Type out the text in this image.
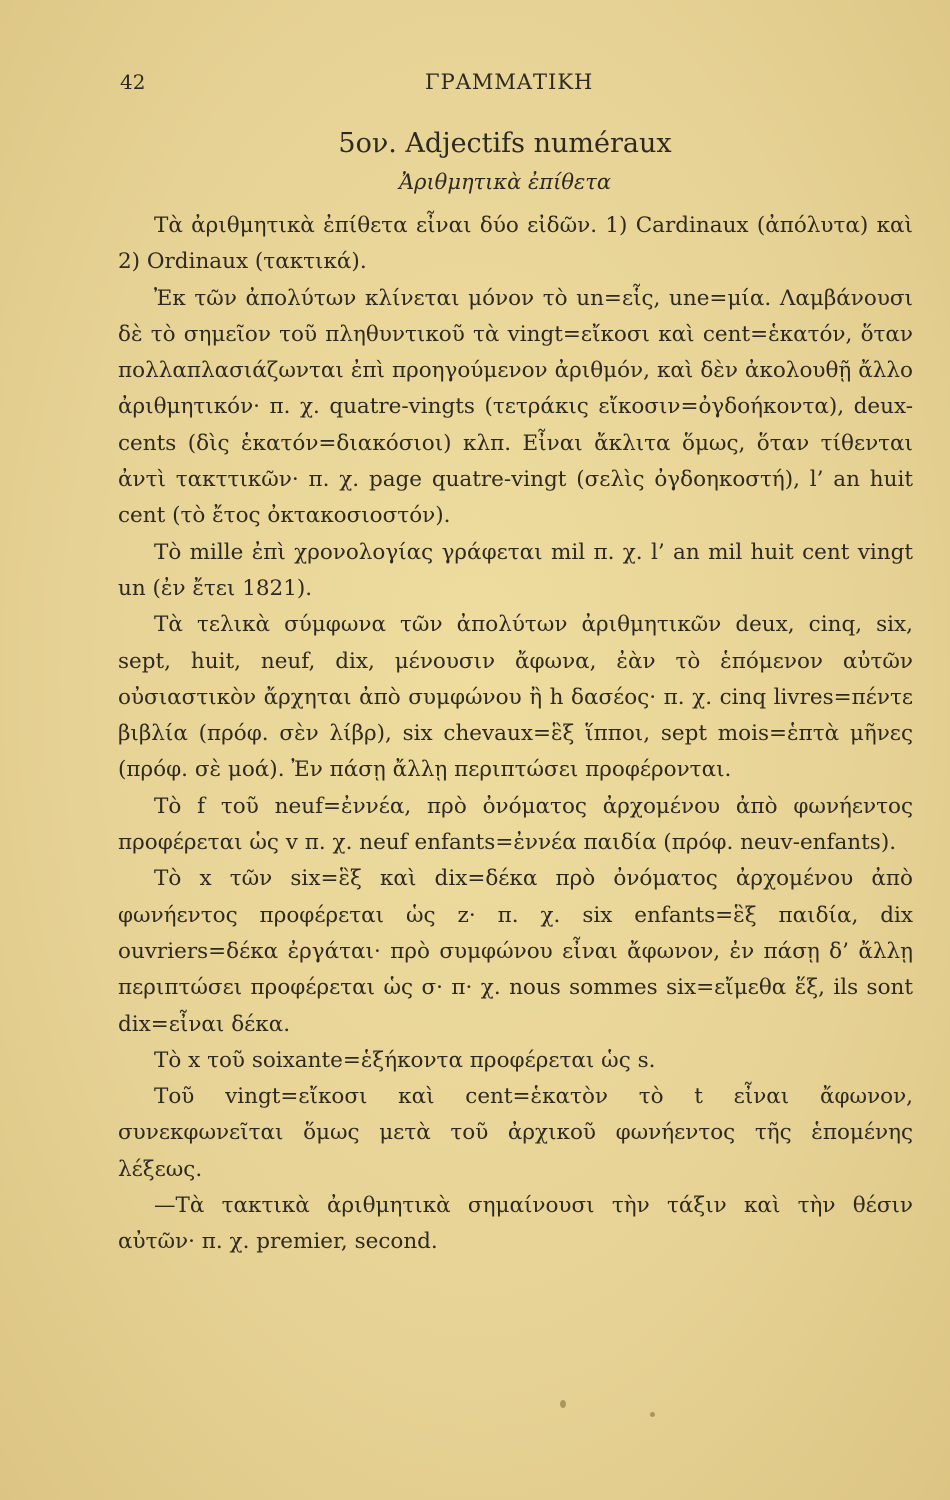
42	ΓΡΑΜΜΑΤΙΚΗ
5ον. Adjectifs numéraux
Ἀριθμητικὰ ἐπίθετα

Τὰ ἀριθμητικὰ ἐπίθετα εἶναι δύο εἰδῶν. 1) Cardinaux (ἀπόλυτα) καὶ 2) Ordinaux (τακτικά).

Ἐκ τῶν ἀπολύτων κλίνεται μόνον τὸ un=εἷς, une=μία. Λαμβάνουσι δὲ τὸ σημεῖον τοῦ πληθυντικοῦ τὰ vingt=εἴκοσι καὶ cent=ἑκατόν, ὅταν πολλαπλασιάζωνται ἐπὶ προηγούμενον ἀριθμόν, καὶ δὲν ἀκολουθῇ ἄλλο ἀριθμητικόν· π. χ. quatre-vingts (τετράκις εἴκοσιν=ὀγδοήκοντα), deux-cents (δὶς ἑκατόν=διακόσιοι) κλπ. Εἶναι ἄκλιτα ὅμως, ὅταν τίθενται ἀντὶ τακττικῶν· π. χ. page quatre-vingt (σελὶς ὀγδοηκοστή), l’ an huit cent (τὸ ἔτος ὀκτακοσιοστόν).

Τὸ mille ἐπὶ χρονολογίας γράφεται mil π. χ. l’ an mil huit cent vingt un (ἐν ἔτει 1821).

Τὰ τελικὰ σύμφωνα τῶν ἀπολύτων ἀριθμητικῶν deux, cinq, six, sept, huit, neuf, dix, μένουσιν ἄφωνα, ἐὰν τὸ ἑπόμενον αὐτῶν οὐσιαστικὸν ἄρχηται ἀπὸ συμφώνου ἢ h δασέος· π. χ. cinq livres=πέντε βιβλία (πρόφ. σὲν λίβρ), six chevaux=ἓξ ἵπποι, sept mois=ἑπτὰ μῆνες (πρόφ. σὲ μοά). Ἐν πάσῃ ἄλλῃ περιπτώσει προφέρονται.

Τὸ f τοῦ neuf=ἐννέα, πρὸ ὀνόματος ἀρχομένου ἀπὸ φωνήεντος προφέρεται ὡς v π. χ. neuf enfants=ἐννέα παιδία (πρόφ. neuv-enfants).

Τὸ x τῶν six=ἓξ καὶ dix=δέκα πρὸ ὀνόματος ἀρχομένου ἀπὸ φωνήεντος προφέρεται ὡς z· π. χ. six enfants=ἓξ παιδία, dix ouvriers=δέκα ἐργάται· πρὸ συμφώνου εἶναι ἄφωνον, ἐν πάσῃ δ’ ἄλλῃ περιπτώσει προφέρεται ὡς σ· π· χ. nous sommes six=εἴμεθα ἕξ, ils sont dix=εἶναι δέκα.

Τὸ x τοῦ soixante=ἑξήκοντα προφέρεται ὡς s.

Τοῦ vingt=εἴκοσι καὶ cent=ἑκατὸν τὸ t εἶναι ἄφωνον, συνεκφωνεῖται ὅμως μετὰ τοῦ ἀρχικοῦ φωνήεντος τῆς ἑπομένης λέξεως.

—Τὰ τακτικὰ ἀριθμητικὰ σημαίνουσι τὴν τάξιν καὶ τὴν θέσιν αὐτῶν· π. χ. premier, second.
